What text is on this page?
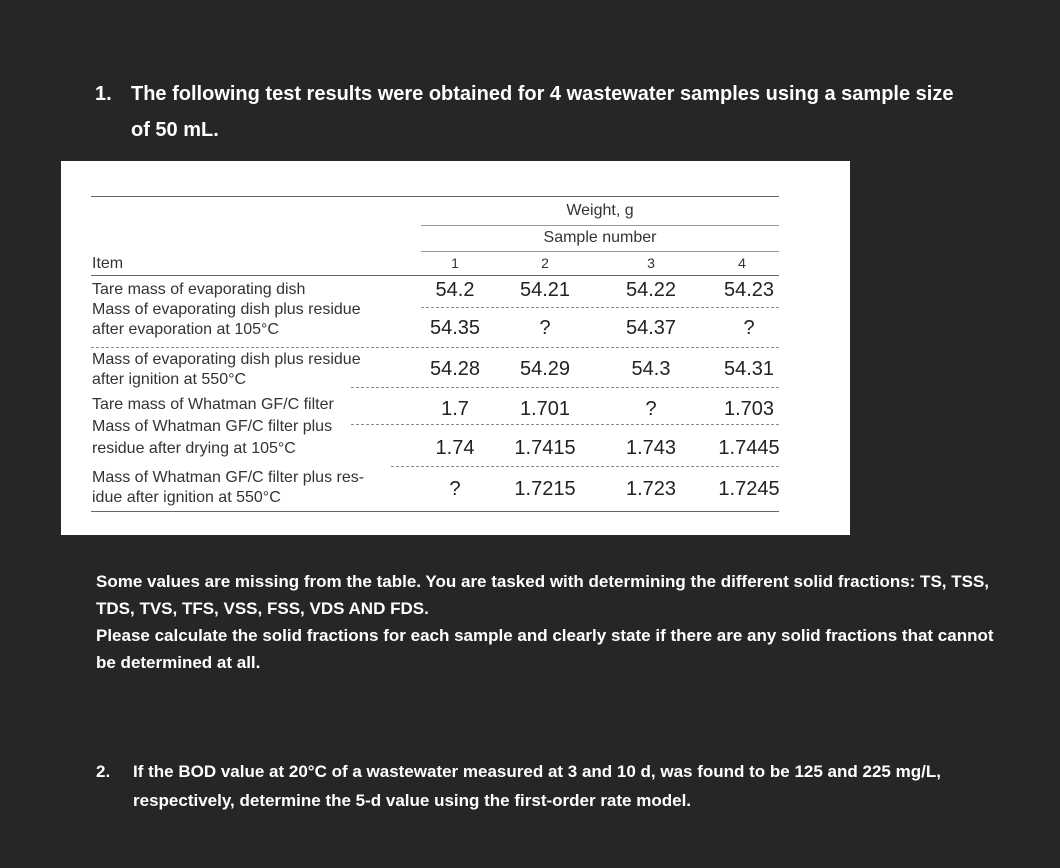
1. The following test results were obtained for 4 wastewater samples using a sample size of 50 mL.
Weight, g
Sample number
Item	1	2	3	4
Tare mass of evaporating dish	54.2	54.21	54.22	54.23
Mass of evaporating dish plus residue
after evaporation at 105°C	54.35	?	54.37	?
Mass of evaporating dish plus residue
after ignition at 550°C	54.28	54.29	54.3	54.31
Tare mass of Whatman GF/C filter	1.7	1.701	?	1.703
Mass of Whatman GF/C filter plus
residue after drying at 105°C	1.74	1.7415	1.743	1.7445
Mass of Whatman GF/C filter plus res-
idue after ignition at 550°C	?	1.7215	1.723	1.7245

Some values are missing from the table. You are tasked with determining the different solid fractions: TS, TSS, TDS, TVS, TFS, VSS, FSS, VDS AND FDS.

Please calculate the solid fractions for each sample and clearly state if there are any solid fractions that cannot be determined at all.

2. If the BOD value at 20°C of a wastewater measured at 3 and 10 d, was found to be 125 and 225 mg/L, respectively, determine the 5-d value using the first-order rate model.
